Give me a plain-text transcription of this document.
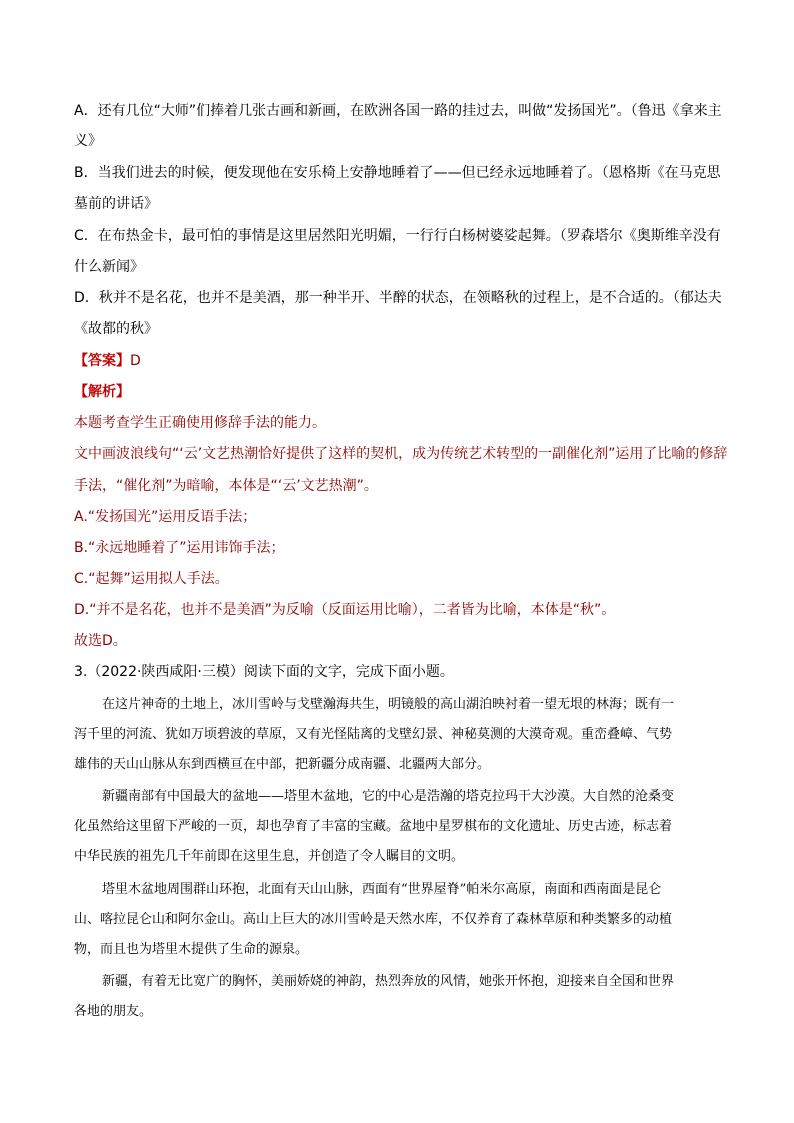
A．还有几位“大师”们捧着几张古画和新画，在欧洲各国一路的挂过去，叫做“发扬国光”。（鲁迅《拿来主
义》
B．当我们进去的时候，便发现他在安乐椅上安静地睡着了——但已经永远地睡着了。（恩格斯《在马克思
墓前的讲话》
C．在布热金卡，最可怕的事情是这里居然阳光明媚，一行行白杨树婆娑起舞。（罗森塔尔《奥斯维辛没有
什么新闻》
D．秋并不是名花，也并不是美酒，那一种半开、半醉的状态，在领略秋的过程上，是不合适的。（郁达夫
《故都的秋》
【答案】D
【解析】
本题考查学生正确使用修辞手法的能力。
文中画波浪线句“‘云’文艺热潮恰好提供了这样的契机，成为传统艺术转型的一副催化剂”运用了比喻的修辞
手法，“催化剂”为暗喻，本体是“‘云’文艺热潮”。
A.“发扬国光”运用反语手法；
B.“永远地睡着了”运用讳饰手法；
C.“起舞”运用拟人手法。
D.“并不是名花，也并不是美酒”为反喻（反面运用比喻），二者皆为比喻，本体是“秋”。
故选D。
3.（2022·陕西咸阳·三模）阅读下面的文字，完成下面小题。
在这片神奇的土地上，冰川雪岭与戈壁瀚海共生，明镜般的高山湖泊映衬着一望无垠的林海；既有一
泻千里的河流、犹如万顷碧波的草原，又有光怪陆离的戈壁幻景、神秘莫测的大漠奇观。重峦叠嶂、气势
雄伟的天山山脉从东到西横亘在中部，把新疆分成南疆、北疆两大部分。
新疆南部有中国最大的盆地——塔里木盆地，它的中心是浩瀚的塔克拉玛干大沙漠。大自然的沧桑变
化虽然给这里留下严峻的一页，却也孕育了丰富的宝藏。盆地中星罗棋布的文化遗址、历史古迹，标志着
中华民族的祖先几千年前即在这里生息，并创造了令人瞩目的文明。
塔里木盆地周围群山环抱，北面有天山山脉，西面有“世界屋脊”帕米尔高原，南面和西南面是昆仑
山、喀拉昆仑山和阿尔金山。高山上巨大的冰川雪岭是天然水库，不仅养育了森林草原和种类繁多的动植
物，而且也为塔里木提供了生命的源泉。
新疆，有着无比宽广的胸怀，美丽娇娆的神韵，热烈奔放的风情，她张开怀抱，迎接来自全国和世界
各地的朋友。
